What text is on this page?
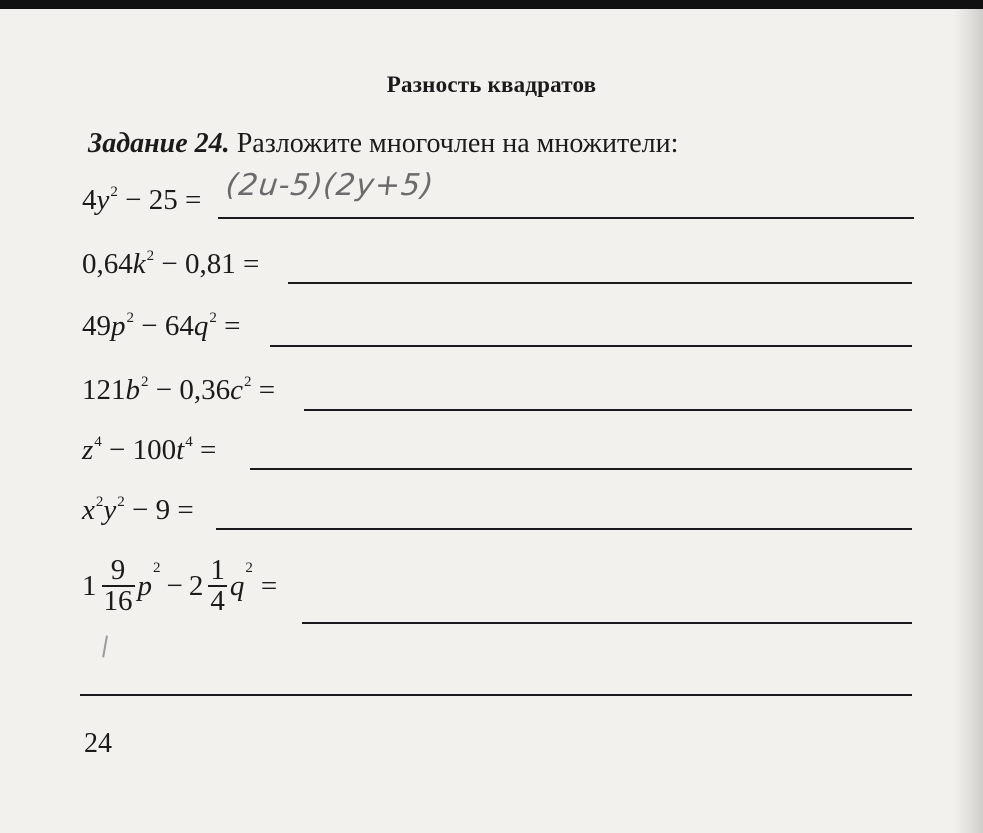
Разность квадратов
Задание 24. Разложите многочлен на множители:
$4y^2 - 25 = (2u-5)(2y+5)$
$0,64k^2 - 0,81$ =
$49p^2 - 64q^2$ =
$121b^2 - 0,36c^2$ =
$z^4 - 100t^4$ =
$x^2y^2 - 9$ =
$1 \frac{9}{16}$ p
$^2$
− $2 \frac{1}{4}$ q
$^2$
=
24
